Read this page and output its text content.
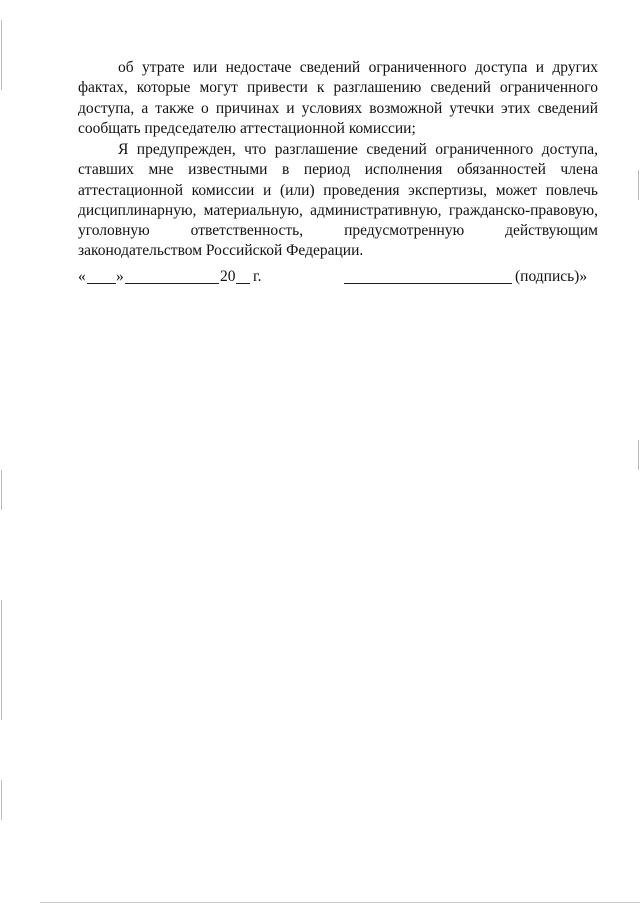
об утрате или недостаче сведений ограниченного доступа и других
фактах, которые могут привести к разглашению сведений ограниченного
доступа, а также о причинах и условиях возможной утечки этих сведений
сообщать председателю аттестационной комиссии;
Я предупрежден, что разглашение сведений ограниченного доступа,
ставших мне известными в период исполнения обязанностей члена
аттестационной комиссии и (или) проведения экспертизы, может повлечь
дисциплинарную, материальную, административную, гражданско-правовую,
уголовную ответственность, предусмотренную действующим
законодательством Российской Федерации.
« »	20 г.	(подпись)»
